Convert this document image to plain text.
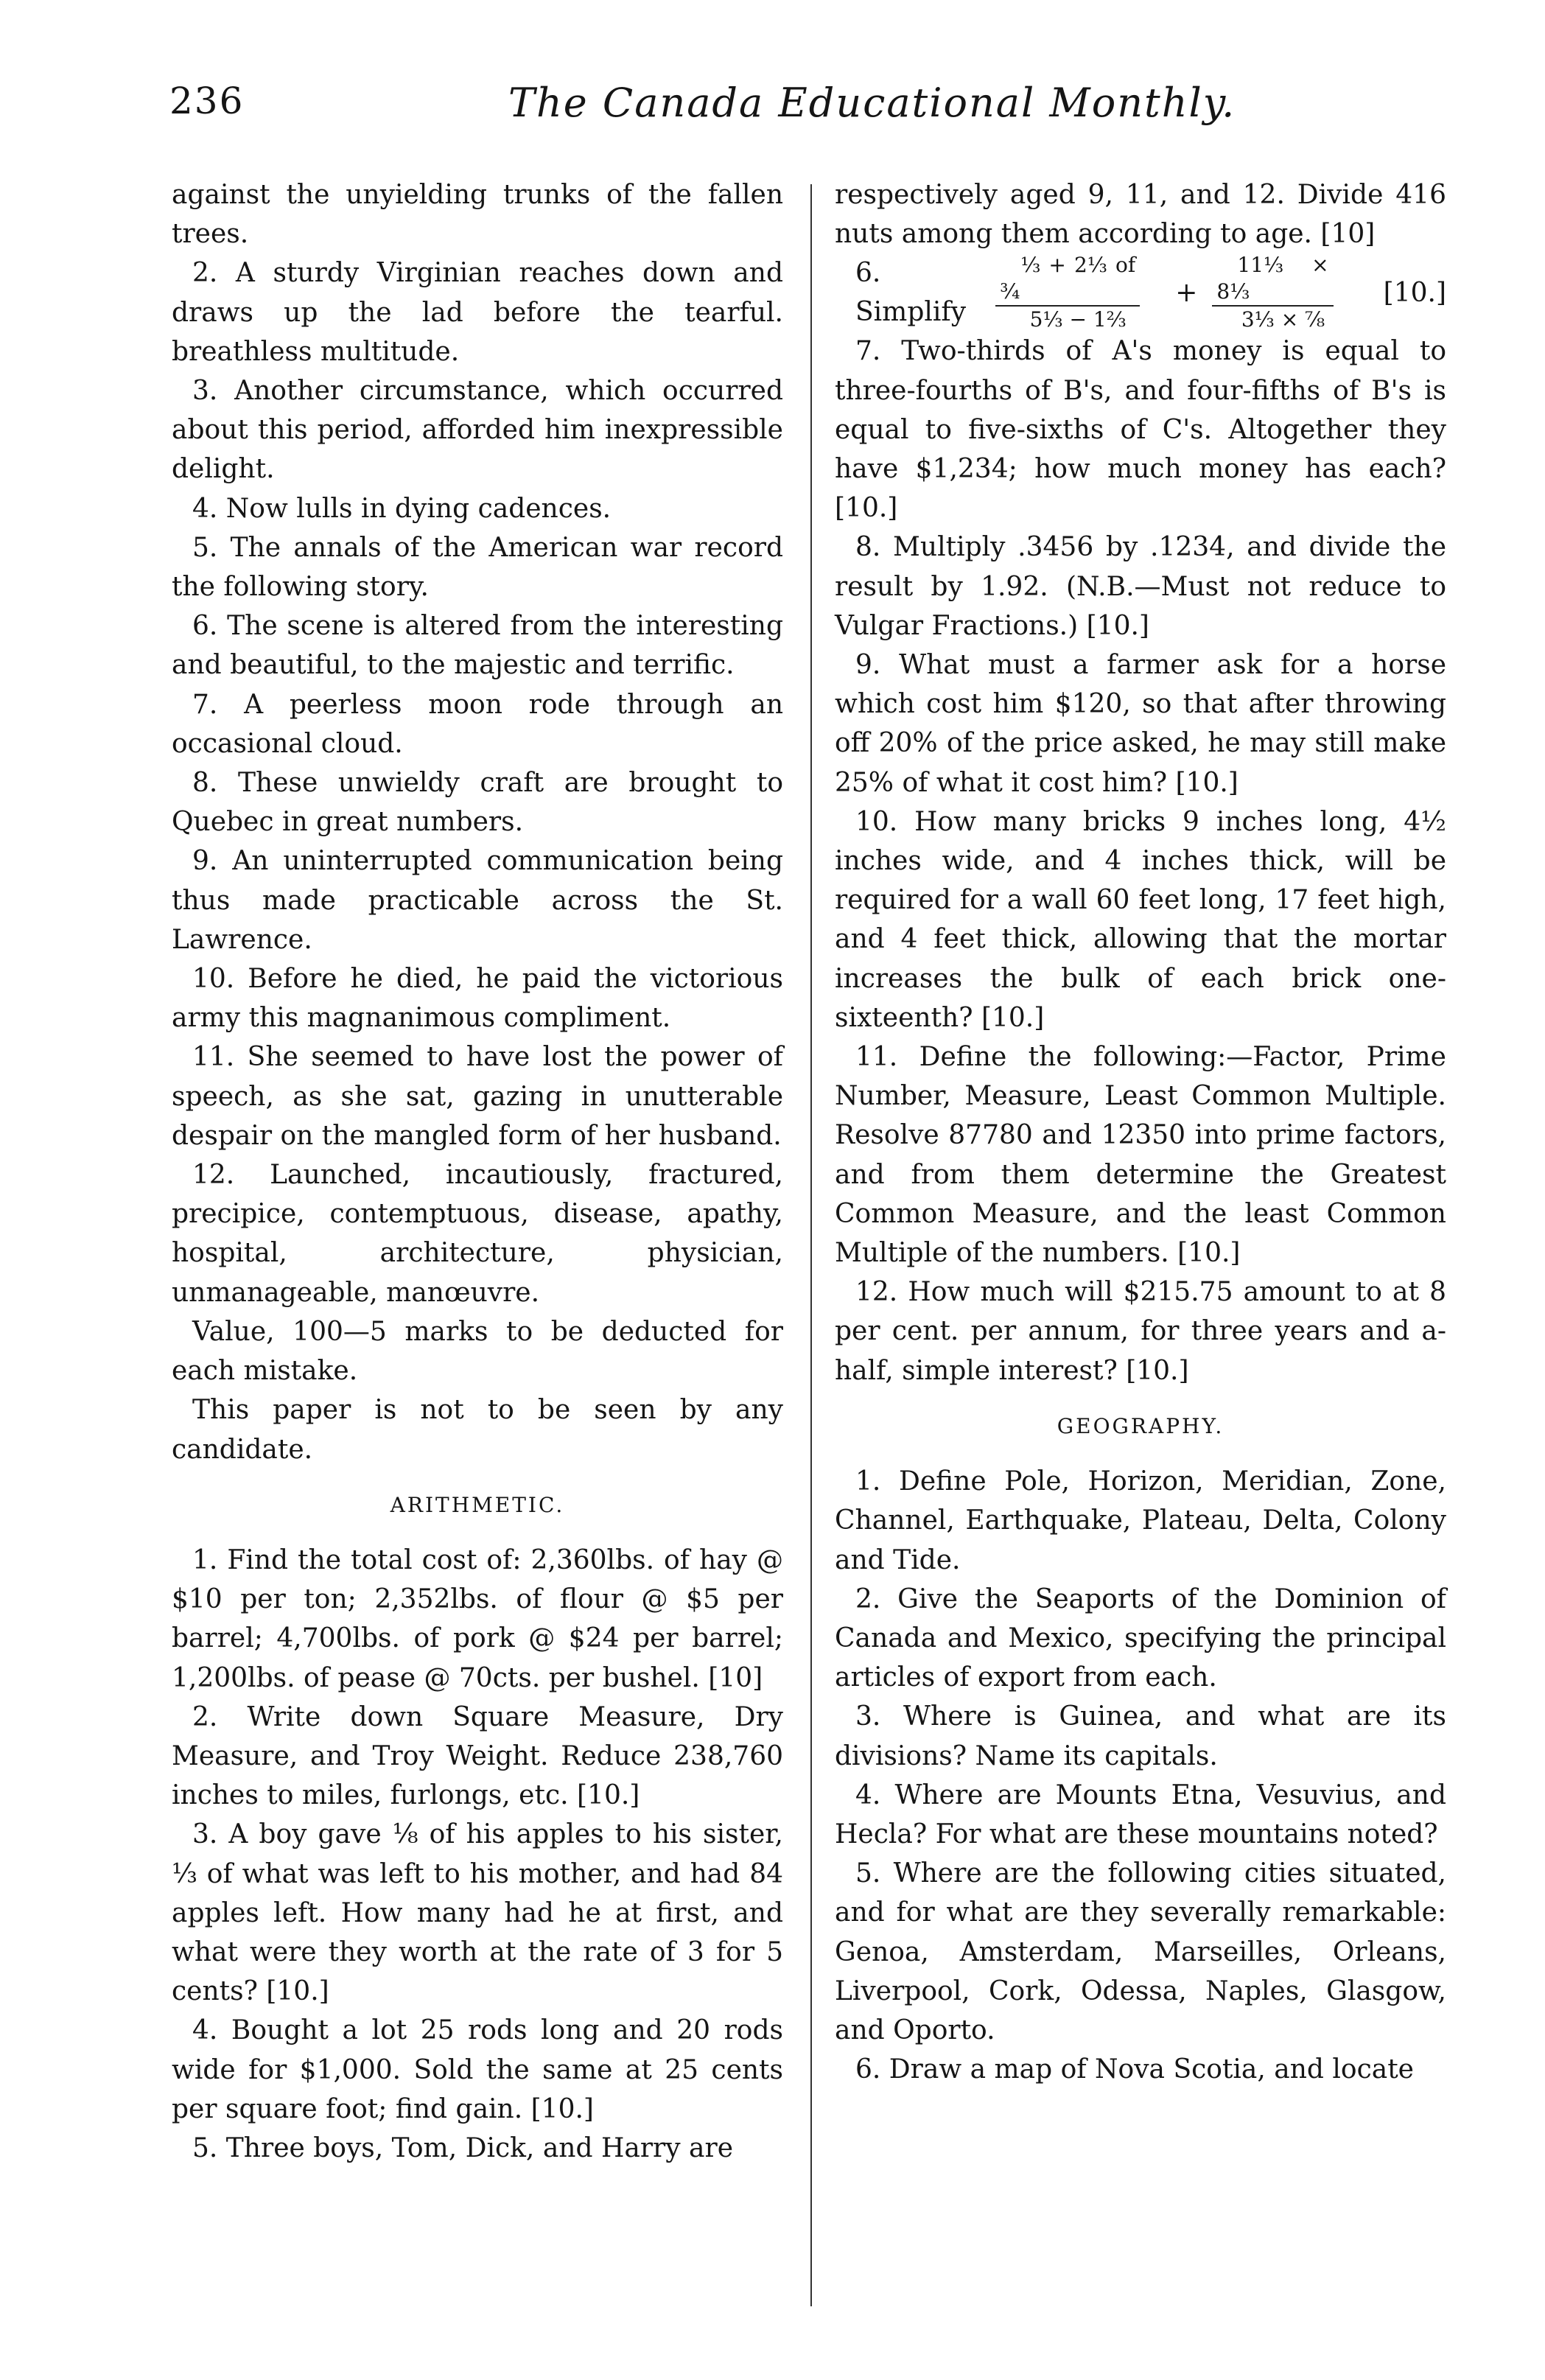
236	The Canada Educational Monthly.

against the unyielding trunks of the fallen trees.

2. A sturdy Virginian reaches down and draws up the lad before the tearful. breathless multitude.

3. Another circumstance, which occurred about this period, afforded him inexpressible delight.

4. Now lulls in dying cadences.

5. The annals of the American war record the following story.

6. The scene is altered from the interesting and beautiful, to the majestic and terrific.

7. A peerless moon rode through an occasional cloud.

8. These unwieldy craft are brought to Quebec in great numbers.

9. An uninterrupted communication being thus made practicable across the St. Lawrence.

10. Before he died, he paid the victorious army this magnanimous compliment.

11. She seemed to have lost the power of speech, as she sat, gazing in unutterable despair on the mangled form of her husband.

12. Launched, incautiously, fractured, precipice, contemptuous, disease, apathy, hospital, architecture, physician, unmanageable, manœuvre.

Value, 100—5 marks to be deducted for each mistake.

This paper is not to be seen by any candidate.

ARITHMETIC.

1. Find the total cost of: 2,360lbs. of hay @ $10 per ton; 2,352lbs. of flour @ $5 per barrel; 4,700lbs. of pork @ $24 per barrel; 1,200lbs. of pease @ 70cts. per bushel. [10]

2. Write down Square Measure, Dry Measure, and Troy Weight. Reduce 238,760 inches to miles, furlongs, etc. [10.]

3. A boy gave ⅛ of his apples to his sister, ⅓ of what was left to his mother, and had 84 apples left. How many had he at first, and what were they worth at the rate of 3 for 5 cents? [10.]

4. Bought a lot 25 rods long and 20 rods wide for $1,000. Sold the same at 25 cents per square foot; find gain. [10.]

5. Three boys, Tom, Dick, and Harry are

respectively aged 9, 11, and 12. Divide 416 nuts among them according to age. [10]

6. Simplify	$\frac{\text{⅓ + 2⅓ of ¾}}{\text{5⅓ − 1⅔}}$	+ $\frac{\text{11⅓ × 8⅓}}{\text{3⅓ × ⅞}}$	[10.]

7. Two-thirds of A's money is equal to three-fourths of B's, and four-fifths of B's is equal to five-sixths of C's. Altogether they have $1,234; how much money has each? [10.]

8. Multiply .3456 by .1234, and divide the result by 1.92. (N.B.—Must not reduce to Vulgar Fractions.) [10.]

9. What must a farmer ask for a horse which cost him $120, so that after throwing off 20% of the price asked, he may still make 25% of what it cost him? [10.]

10. How many bricks 9 inches long, 4½ inches wide, and 4 inches thick, will be required for a wall 60 feet long, 17 feet high, and 4 feet thick, allowing that the mortar increases the bulk of each brick one-sixteenth? [10.]

11. Define the following:—Factor, Prime Number, Measure, Least Common Multiple. Resolve 87780 and 12350 into prime factors, and from them determine the Greatest Common Measure, and the least Common Multiple of the numbers. [10.]

12. How much will $215.75 amount to at 8 per cent. per annum, for three years and a-half, simple interest? [10.]

GEOGRAPHY.

1. Define Pole, Horizon, Meridian, Zone, Channel, Earthquake, Plateau, Delta, Colony and Tide.

2. Give the Seaports of the Dominion of Canada and Mexico, specifying the principal articles of export from each.

3. Where is Guinea, and what are its divisions? Name its capitals.

4. Where are Mounts Etna, Vesuvius, and Hecla? For what are these mountains noted?

5. Where are the following cities situated, and for what are they severally remarkable: Genoa, Amsterdam, Marseilles, Orleans, Liverpool, Cork, Odessa, Naples, Glasgow, and Oporto.

6. Draw a map of Nova Scotia, and locate
